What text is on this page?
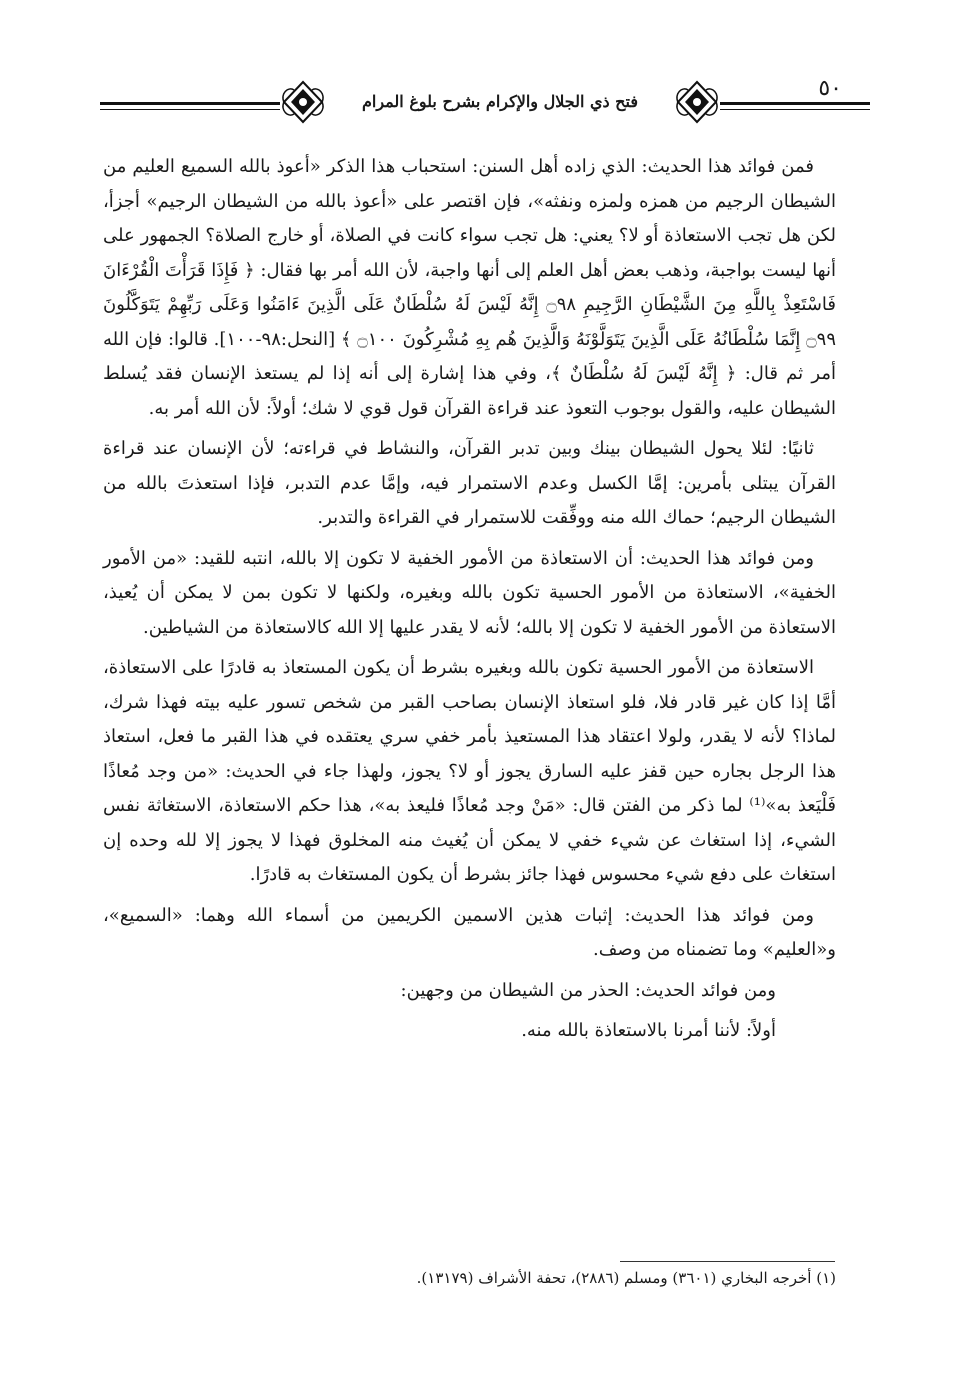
فتح ذي الجلال والإكرام بشرح بلوغ المرام
٥٠

فمن فوائد هذا الحديث: الذي زاده أهل السنن: استحباب هذا الذكر «أعوذ بالله السميع العليم من الشيطان الرجيم من همزه ولمزه ونفثه»، فإن اقتصر على «أعوذ بالله من الشيطان الرجيم» أجزأ، لكن هل تجب الاستعاذة أو لا؟ يعني: هل تجب سواء كانت في الصلاة، أو خارج الصلاة؟ الجمهور على أنها ليست بواجبة، وذهب بعض أهل العلم إلى أنها واجبة، لأن الله أمر بها فقال: ﴿ فَإِذَا قَرَأْتَ الْقُرْءَانَ فَاسْتَعِذْ بِاللَّهِ مِنَ الشَّيْطَانِ الرَّجِيمِ ۝٩٨ إِنَّهُ لَيْسَ لَهُ سُلْطَانٌ عَلَى الَّذِينَ ءَامَنُوا وَعَلَى رَبِّهِمْ يَتَوَكَّلُونَ ۝٩٩ إِنَّمَا سُلْطَانُهُ عَلَى الَّذِينَ يَتَوَلَّوْنَهُ وَالَّذِينَ هُم بِهِ مُشْرِكُونَ ۝١٠٠ ﴾ [النحل:٩٨-١٠٠]. قالوا: فإن الله أمر ثم قال: ﴿ إِنَّهُ لَيْسَ لَهُ سُلْطَانٌ ﴾، وفي هذا إشارة إلى أنه إذا لم يستعذ الإنسان فقد يُسلط الشيطان عليه، والقول بوجوب التعوذ عند قراءة القرآن قول قوي لا شك؛ أولاً: لأن الله أمر به.

ثانيًا: لئلا يحول الشيطان بينك وبين تدبر القرآن، والنشاط في قراءته؛ لأن الإنسان عند قراءة القرآن يبتلى بأمرين: إمَّا الكسل وعدم الاستمرار فيه، وإمَّا عدم التدبر، فإذا استعذتَ بالله من الشيطان الرجيم؛ حماك الله منه ووفِّقت للاستمرار في القراءة والتدبر.

ومن فوائد هذا الحديث: أن الاستعاذة من الأمور الخفية لا تكون إلا بالله، انتبه للقيد: «من الأمور الخفية»، الاستعاذة من الأمور الحسية تكون بالله وبغيره، ولكنها لا تكون بمن لا يمكن أن يُعيذ، الاستعاذة من الأمور الخفية لا تكون إلا بالله؛ لأنه لا يقدر عليها إلا الله كالاستعاذة من الشياطين.

الاستعاذة من الأمور الحسية تكون بالله وبغيره بشرط أن يكون المستعاذ به قادرًا على الاستعاذة، أمَّا إذا كان غير قادر فلا، فلو استعاذ الإنسان بصاحب القبر من شخص تسور عليه بيته فهذا شرك، لماذا؟ لأنه لا يقدر، ولولا اعتقاد هذا المستعيذ بأمر خفي سري يعتقده في هذا القبر ما فعل، استعاذ هذا الرجل بجاره حين قفز عليه السارق يجوز أو لا؟ يجوز، ولهذا جاء في الحديث: «من وجد مُعاذًا فَلْيَعذ به»⁽¹⁾ لما ذكر من الفتن قال: «مَنْ وجد مُعاذًا فليعذ به»، هذا حكم الاستعاذة، الاستغاثة نفس الشيء، إذا استغاث عن شيء خفي لا يمكن أن يُغيث منه المخلوق فهذا لا يجوز إلا لله وحده إن استغاث على دفع شيء محسوس فهذا جائز بشرط أن يكون المستغاث به قادرًا.

ومن فوائد هذا الحديث: إثبات هذين الاسمين الكريمين من أسماء الله وهما: «السميع»، و«العليم» وما تضمناه من وصف.

ومن فوائد الحديث: الحذر من الشيطان من وجهين:

أولاً: لأننا أمرنا بالاستعاذة بالله منه.

(١) أخرجه البخاري (٣٦٠١) ومسلم (٢٨٨٦)، تحفة الأشراف (١٣١٧٩).
